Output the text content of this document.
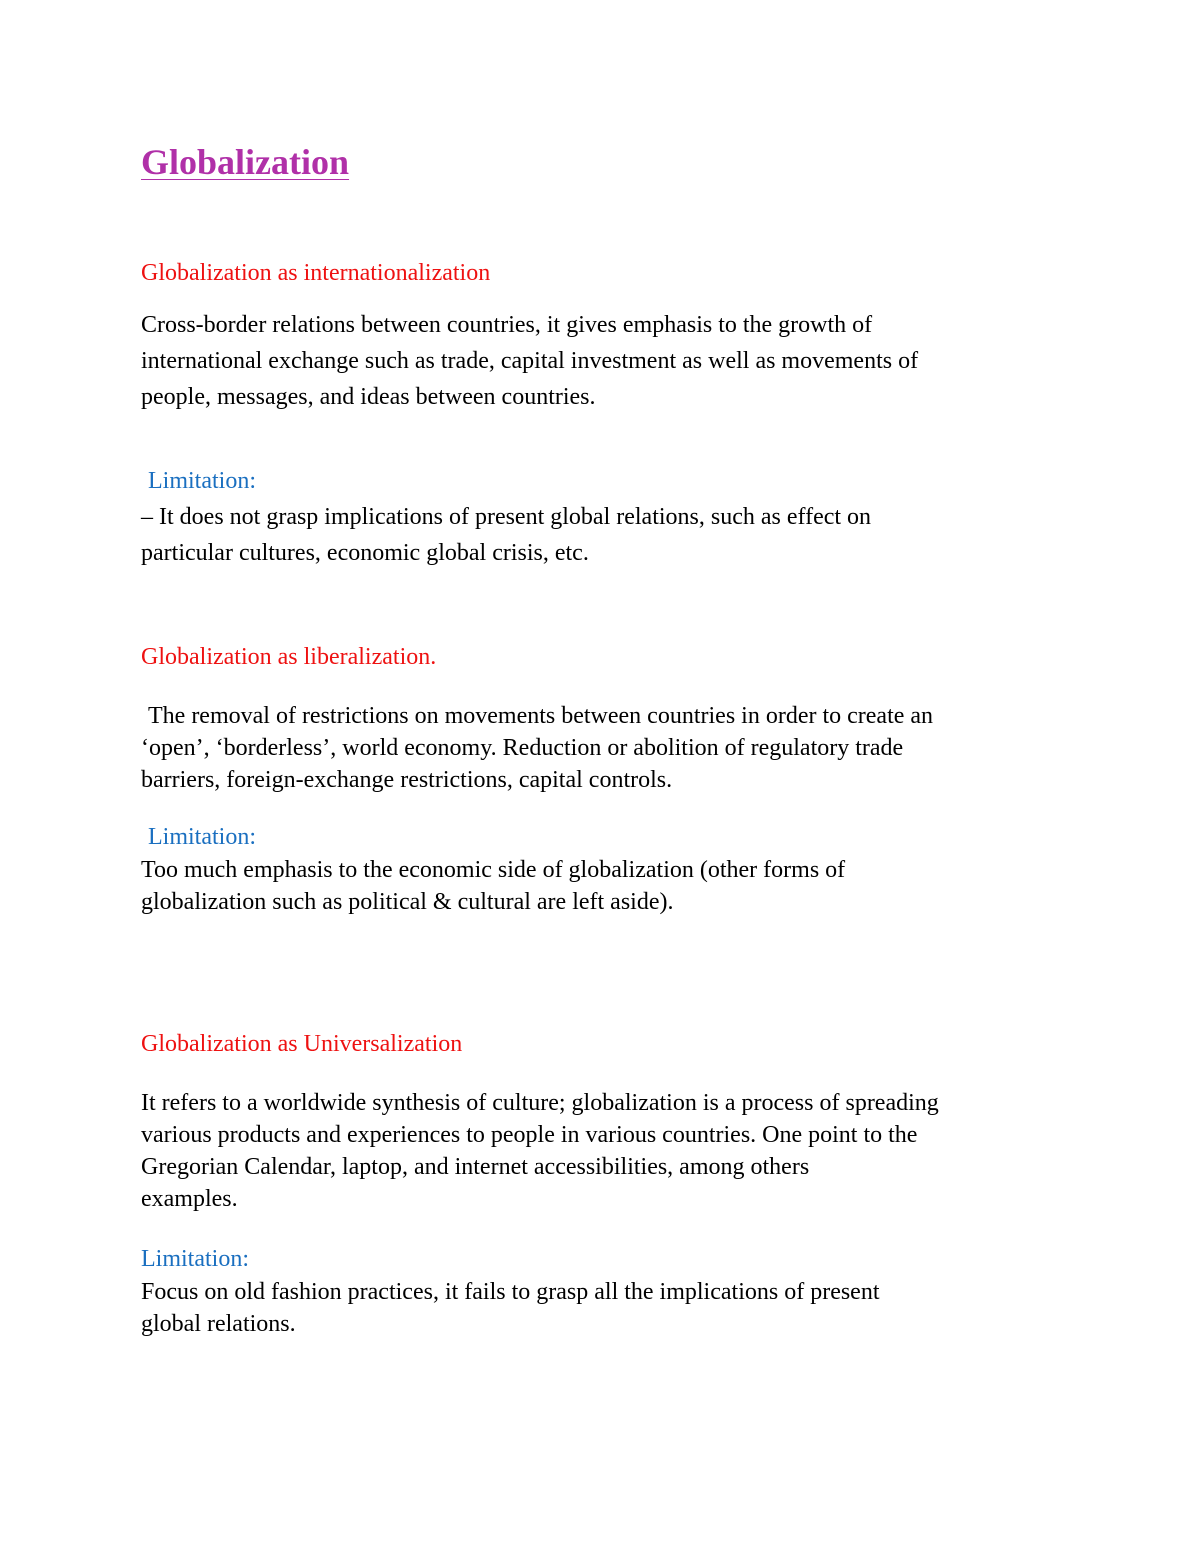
Globalization
Globalization as internationalization
Cross-border relations between countries, it gives emphasis to the growth of
international exchange such as trade, capital investment as well as movements of
people, messages, and ideas between countries.
Limitation:
– It does not grasp implications of present global relations, such as effect on
particular cultures, economic global crisis, etc.
Globalization as liberalization.
The removal of restrictions on movements between countries in order to create an
‘open’, ‘borderless’, world economy. Reduction or abolition of regulatory trade
barriers, foreign-exchange restrictions, capital controls.
Limitation:
Too much emphasis to the economic side of globalization (other forms of
globalization such as political & cultural are left aside).
Globalization as Universalization
It refers to a worldwide synthesis of culture; globalization is a process of spreading
various products and experiences to people in various countries. One point to the
Gregorian Calendar, laptop, and internet accessibilities, among others
examples.
Limitation:
Focus on old fashion practices, it fails to grasp all the implications of present
global relations.
